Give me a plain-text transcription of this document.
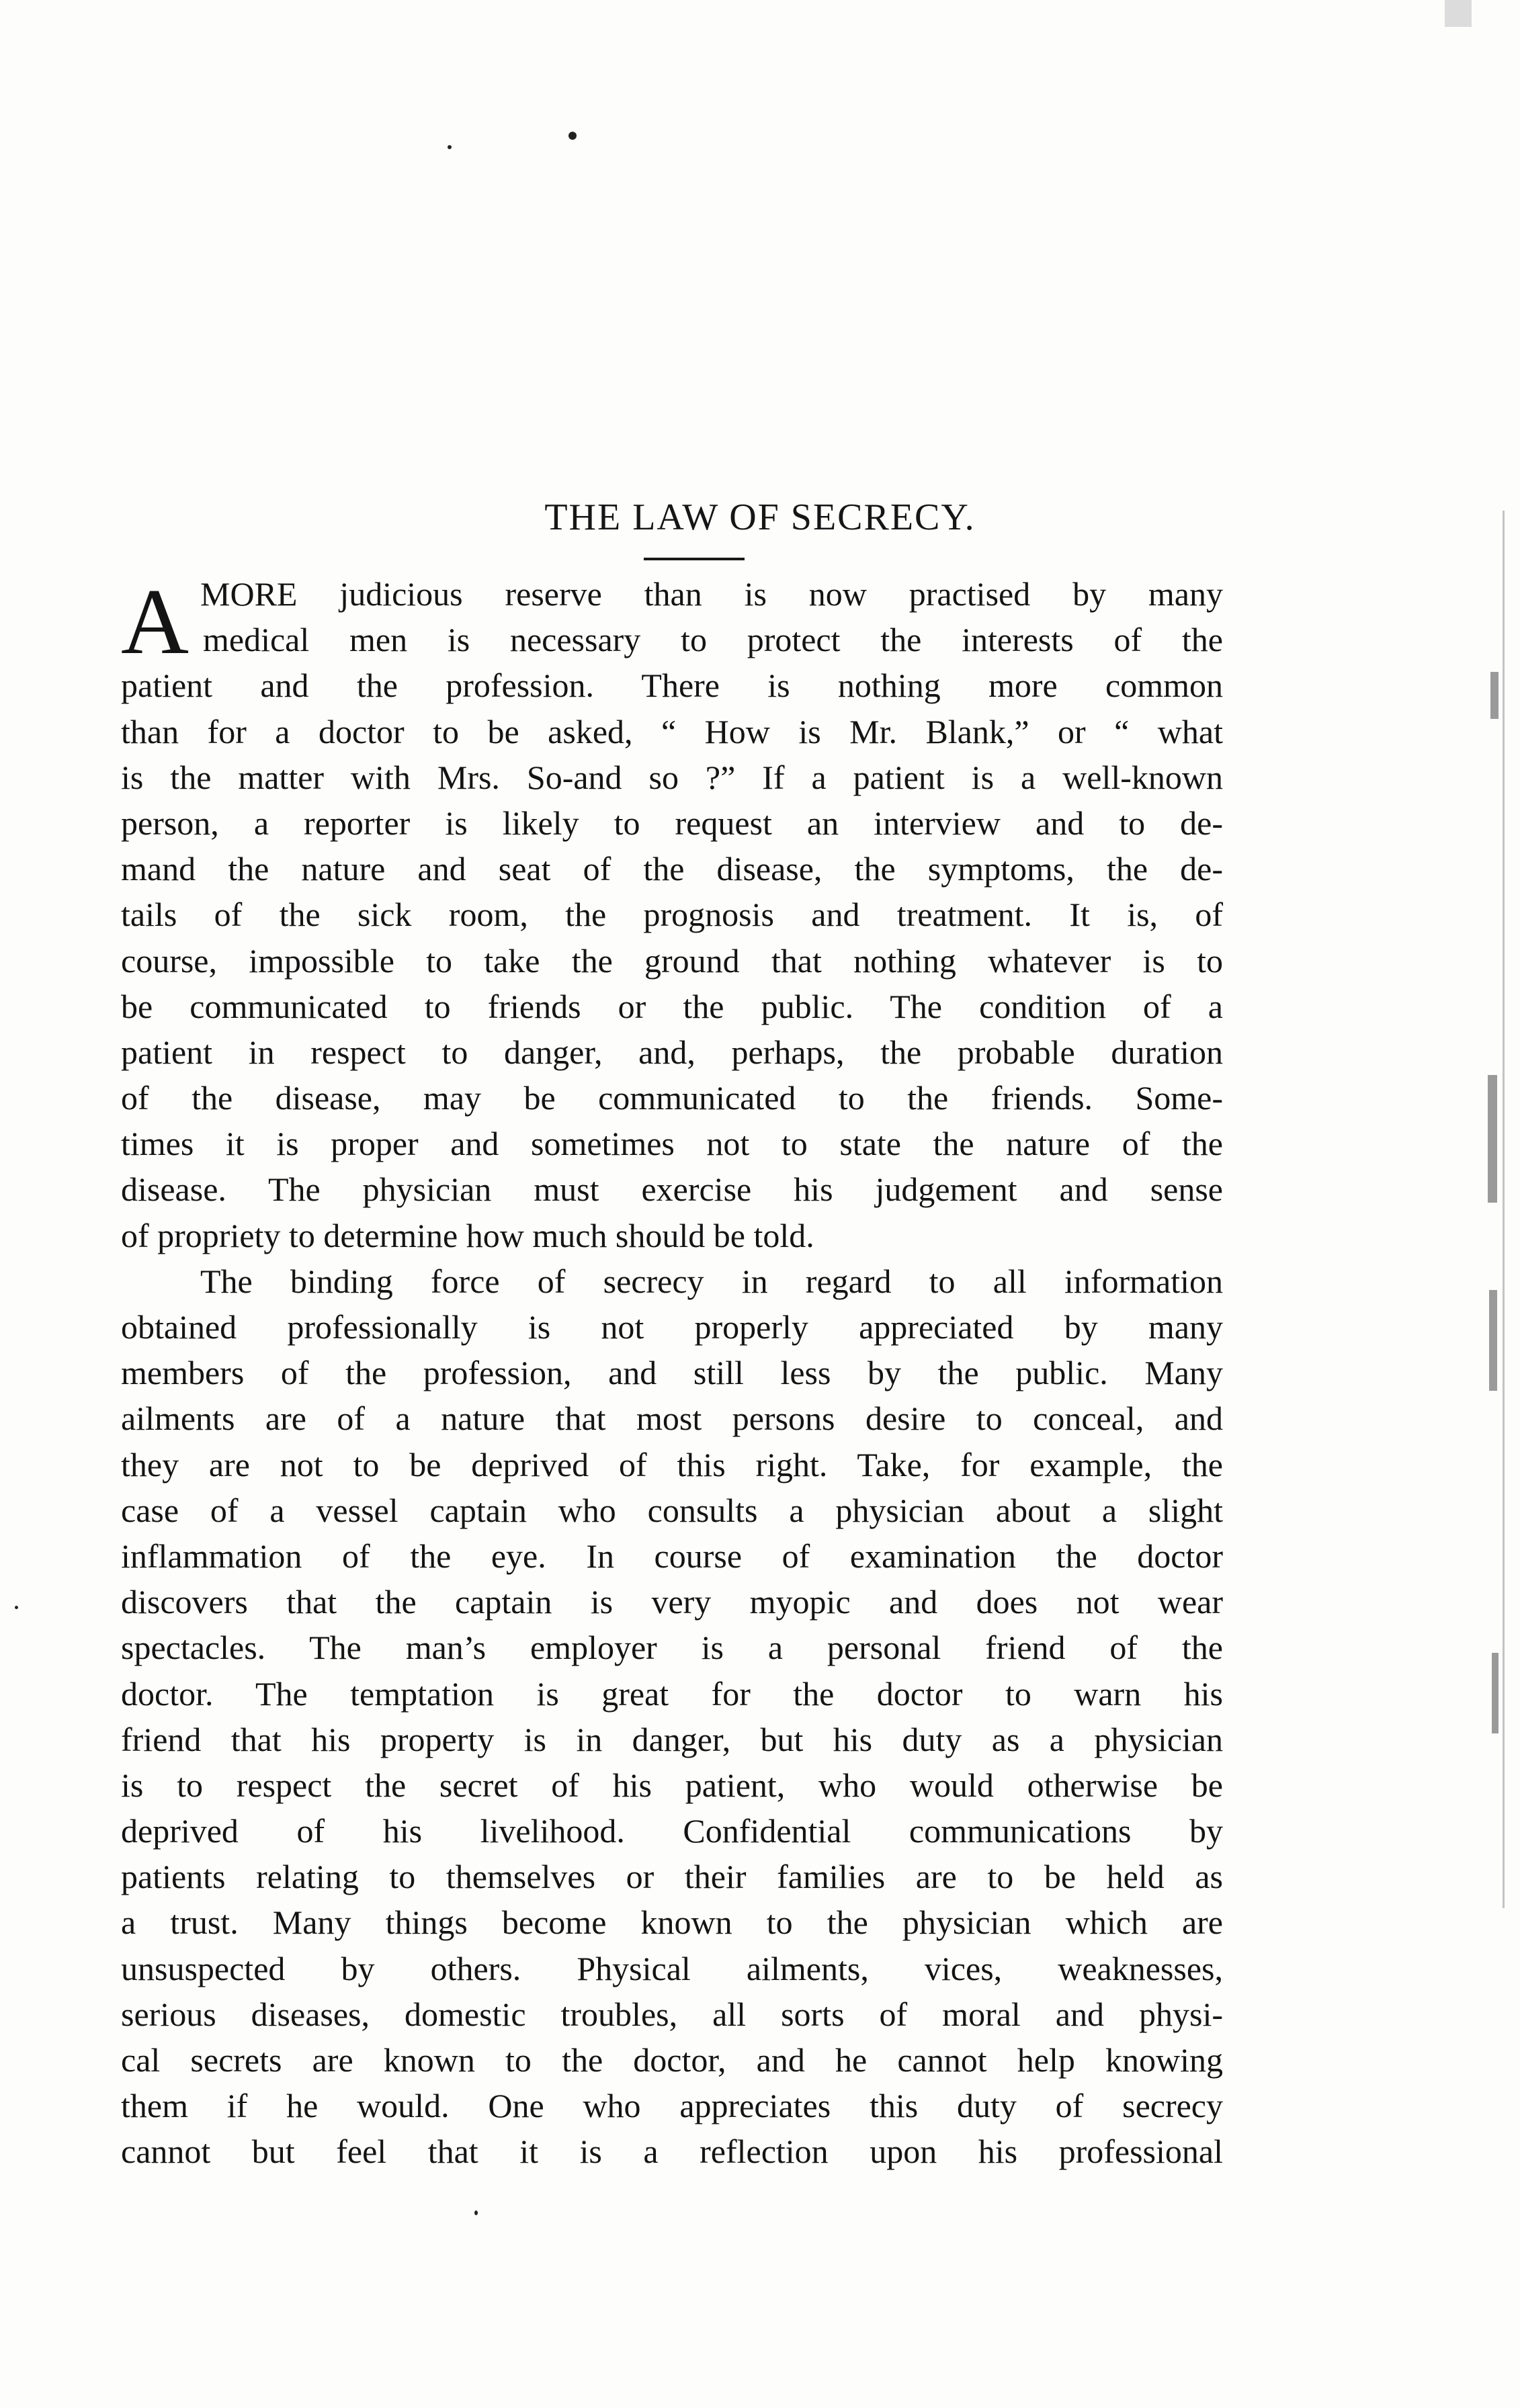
THE LAW OF SECRECY.
A MORE judicious reserve than is now practised by many
medical men is necessary to protect the interests of the
patient and the profession. There is nothing more common
than for a doctor to be asked, “ How is Mr. Blank,” or “ what
is the matter with Mrs. So-and so ?” If a patient is a well-known
person, a reporter is likely to request an interview and to de-
mand the nature and seat of the disease, the symptoms, the de-
tails of the sick room, the prognosis and treatment. It is, of
course, impossible to take the ground that nothing whatever is to
be communicated to friends or the public. The condition of a
patient in respect to danger, and, perhaps, the probable duration
of the disease, may be communicated to the friends. Some-
times it is proper and sometimes not to state the nature of the
disease. The physician must exercise his judgement and sense
of propriety to determine how much should be told.
The binding force of secrecy in regard to all information
obtained professionally is not properly appreciated by many
members of the profession, and still less by the public. Many
ailments are of a nature that most persons desire to conceal, and
they are not to be deprived of this right. Take, for example, the
case of a vessel captain who consults a physician about a slight
inflammation of the eye. In course of examination the doctor
discovers that the captain is very myopic and does not wear
spectacles. The man’s employer is a personal friend of the
doctor. The temptation is great for the doctor to warn his
friend that his property is in danger, but his duty as a physician
is to respect the secret of his patient, who would otherwise be
deprived of his livelihood. Confidential communications by
patients relating to themselves or their families are to be held as
a trust. Many things become known to the physician which are
unsuspected by others. Physical ailments, vices, weaknesses,
serious diseases, domestic troubles, all sorts of moral and physi-
cal secrets are known to the doctor, and he cannot help knowing
them if he would. One who appreciates this duty of secrecy
cannot but feel that it is a reflection upon his professional
